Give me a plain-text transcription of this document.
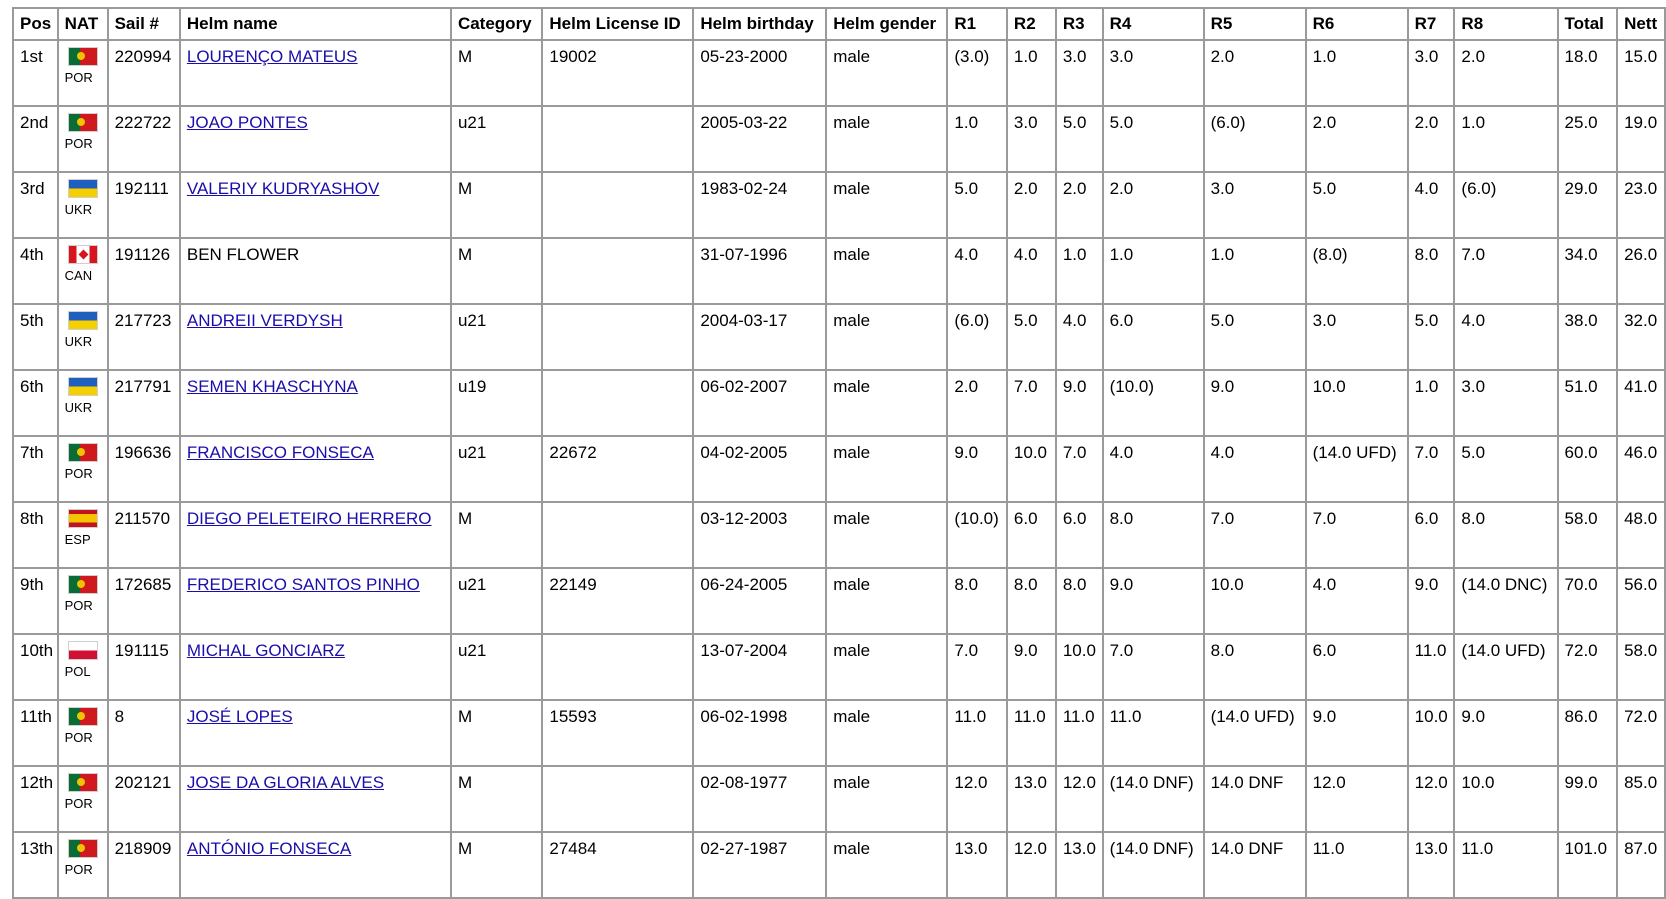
Pos	NAT	Sail #	Helm name	Category	Helm License ID	Helm birthday	Helm gender	R1	R2	R3	R4	R5	R6	R7	R8	Total	Nett
1st	POR	220994	LOURENÇO MATEUS	M	19002	05-23-2000	male	(3.0)	1.0	3.0	3.0	2.0	1.0	3.0	2.0	18.0	15.0
2nd	POR	222722	JOAO PONTES	u21		2005-03-22	male	1.0	3.0	5.0	5.0	(6.0)	2.0	2.0	1.0	25.0	19.0
3rd	UKR	192111	VALERIY KUDRYASHOV	M		1983-02-24	male	5.0	2.0	2.0	2.0	3.0	5.0	4.0	(6.0)	29.0	23.0
4th	CAN	191126	BEN FLOWER	M		31-07-1996	male	4.0	4.0	1.0	1.0	1.0	(8.0)	8.0	7.0	34.0	26.0
5th	UKR	217723	ANDREII VERDYSH	u21		2004-03-17	male	(6.0)	5.0	4.0	6.0	5.0	3.0	5.0	4.0	38.0	32.0
6th	UKR	217791	SEMEN KHASCHYNA	u19		06-02-2007	male	2.0	7.0	9.0	(10.0)	9.0	10.0	1.0	3.0	51.0	41.0
7th	POR	196636	FRANCISCO FONSECA	u21	22672	04-02-2005	male	9.0	10.0	7.0	4.0	4.0	(14.0 UFD)	7.0	5.0	60.0	46.0
8th	ESP	211570	DIEGO PELETEIRO HERRERO	M		03-12-2003	male	(10.0)	6.0	6.0	8.0	7.0	7.0	6.0	8.0	58.0	48.0
9th	POR	172685	FREDERICO SANTOS PINHO	u21	22149	06-24-2005	male	8.0	8.0	8.0	9.0	10.0	4.0	9.0	(14.0 DNC)	70.0	56.0
10th	POL	191115	MICHAL GONCIARZ	u21		13-07-2004	male	7.0	9.0	10.0	7.0	8.0	6.0	11.0	(14.0 UFD)	72.0	58.0
11th	POR	8	JOSÉ LOPES	M	15593	06-02-1998	male	11.0	11.0	11.0	11.0	(14.0 UFD)	9.0	10.0	9.0	86.0	72.0
12th	POR	202121	JOSE DA GLORIA ALVES	M		02-08-1977	male	12.0	13.0	12.0	(14.0 DNF)	14.0 DNF	12.0	12.0	10.0	99.0	85.0
13th	POR	218909	ANTÓNIO FONSECA	M	27484	02-27-1987	male	13.0	12.0	13.0	(14.0 DNF)	14.0 DNF	11.0	13.0	11.0	101.0	87.0
